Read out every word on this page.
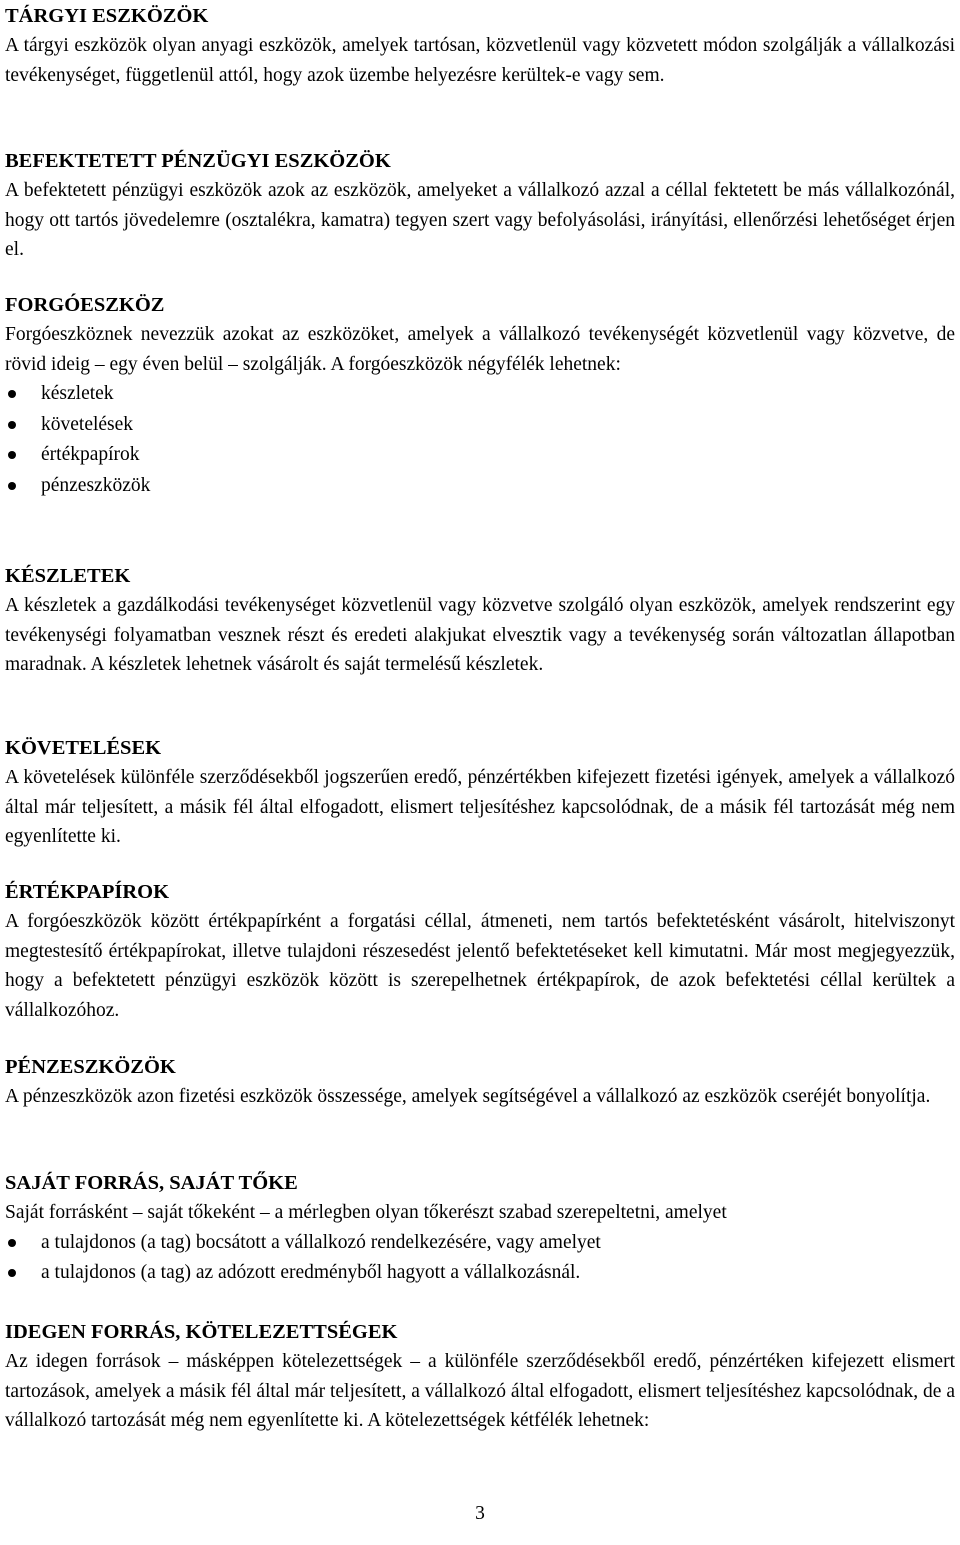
TÁRGYI ESZKÖZÖK

A tárgyi eszközök olyan anyagi eszközök, amelyek tartósan, közvetlenül vagy közvetett módon szolgálják a vállalkozási tevékenységet, függetlenül attól, hogy azok üzembe helyezésre kerültek-e vagy sem.

BEFEKTETETT PÉNZÜGYI ESZKÖZÖK

A befektetett pénzügyi eszközök azok az eszközök, amelyeket a vállalkozó azzal a céllal fektetett be más vállalkozónál, hogy ott tartós jövedelemre (osztalékra, kamatra) tegyen szert vagy befolyásolási, irányítási, ellenőrzési lehetőséget érjen el.

FORGÓESZKÖZ

Forgóeszköznek nevezzük azokat az eszközöket, amelyek a vállalkozó tevékenységét közvetlenül vagy közvetve, de rövid ideig – egy éven belül – szolgálják. A forgóeszközök négyfélék lehetnek:

készletek
követelések
értékpapírok
pénzeszközök
KÉSZLETEK

A készletek a gazdálkodási tevékenységet közvetlenül vagy közvetve szolgáló olyan eszközök, amelyek rendszerint egy tevékenységi folyamatban vesznek részt és eredeti alakjukat elvesztik vagy a tevékenység során változatlan állapotban maradnak. A készletek lehetnek vásárolt és saját termelésű készletek.

KÖVETELÉSEK

A követelések különféle szerződésekből jogszerűen eredő, pénzértékben kifejezett fizetési igények, amelyek a vállalkozó által már teljesített, a másik fél által elfogadott, elismert teljesítéshez kapcsolódnak, de a másik fél tartozását még nem egyenlítette ki.

ÉRTÉKPAPÍROK

A forgóeszközök között értékpapírként a forgatási céllal, átmeneti, nem tartós befektetésként vásárolt, hitelviszonyt megtestesítő értékpapírokat, illetve tulajdoni részesedést jelentő befektetéseket kell kimutatni. Már most megjegyezzük, hogy a befektetett pénzügyi eszközök között is szerepelhetnek értékpapírok, de azok befektetési céllal kerültek a vállalkozóhoz.

PÉNZESZKÖZÖK

A pénzeszközök azon fizetési eszközök összessége, amelyek segítségével a vállalkozó az eszközök cseréjét bonyolítja.

SAJÁT FORRÁS, SAJÁT TŐKE

Saját forrásként – saját tőkeként – a mérlegben olyan tőkerészt szabad szerepeltetni, amelyet

a tulajdonos (a tag) bocsátott a vállalkozó rendelkezésére, vagy amelyet
a tulajdonos (a tag) az adózott eredményből hagyott a vállalkozásnál.
IDEGEN FORRÁS, KÖTELEZETTSÉGEK

Az idegen források – másképpen kötelezettségek – a különféle szerződésekből eredő, pénzértéken kifejezett elismert tartozások, amelyek a másik fél által már teljesített, a vállalkozó által elfogadott, elismert teljesítéshez kapcsolódnak, de a vállalkozó tartozását még nem egyenlítette ki. A kötelezettségek kétfélék lehetnek:

3
